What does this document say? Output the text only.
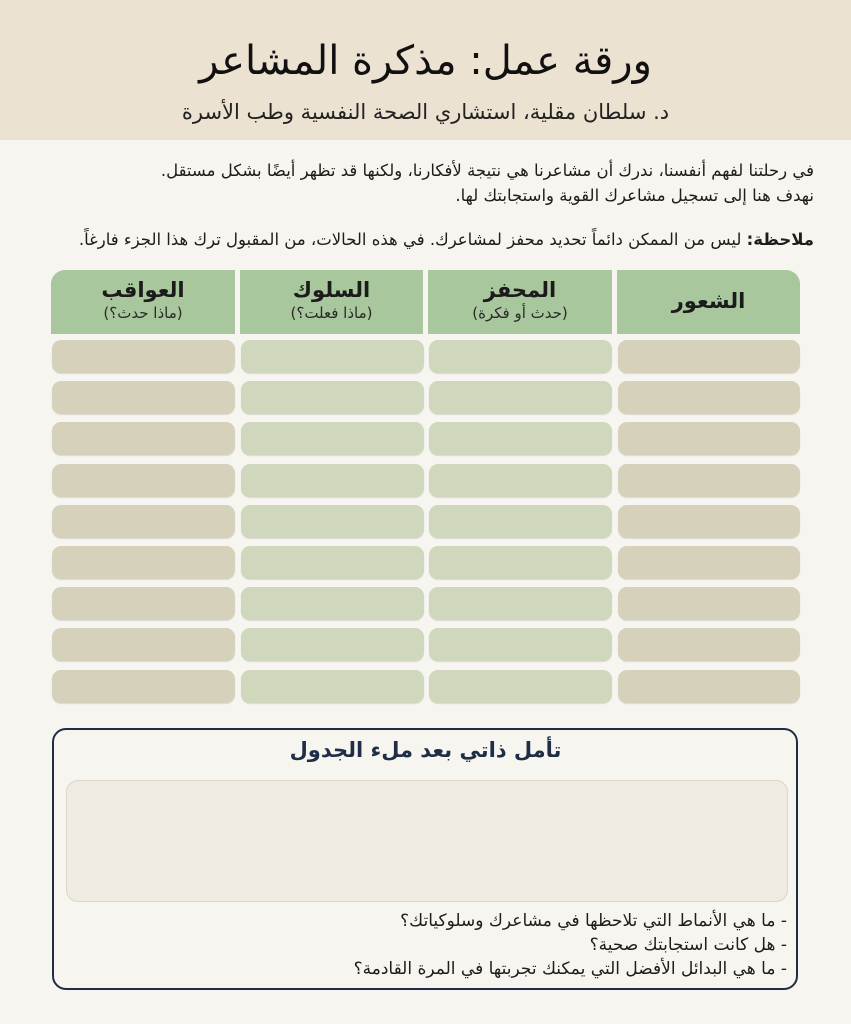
ورقة عمل: مذكرة المشاعر
د. سلطان مقلية، استشاري الصحة النفسية وطب الأسرة
في رحلتنا لفهم أنفسنا، ندرك أن مشاعرنا هي نتيجة لأفكارنا، ولكنها قد تظهر أيضًا بشكل مستقل.
نهدف هنا إلى تسجيل مشاعرك القوية واستجابتك لها.
ملاحظة: ليس من الممكن دائماً تحديد محفز لمشاعرك. في هذه الحالات، من المقبول ترك هذا الجزء فارغاً.
الشعور
المحفز
(حدث أو فكرة)
السلوك
(ماذا فعلت؟)
العواقب
(ماذا حدث؟)
تأمل ذاتي بعد ملء الجدول
- ما هي الأنماط التي تلاحظها في مشاعرك وسلوكياتك؟
- هل كانت استجابتك صحية؟
- ما هي البدائل الأفضل التي يمكنك تجربتها في المرة القادمة؟
